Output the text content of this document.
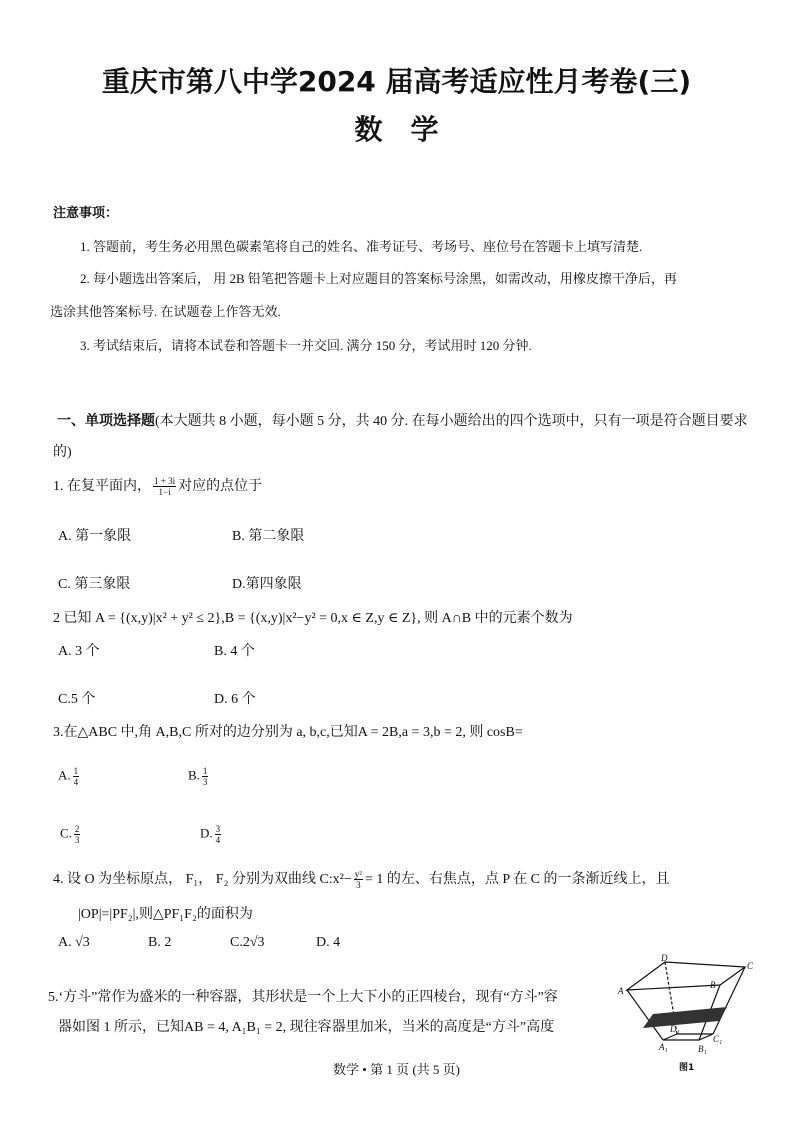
重庆市第八中学2024 届高考适应性月考卷(三)
数　学
注意事项：
1. 答题前，考生务必用黑色碳素笔将自己的姓名、准考证号、考场号、座位号在答题卡上填写清楚.
2. 每小题选出答案后， 用 2B 铅笔把答题卡上对应题目的答案标号涂黑，如需改动，用橡皮擦干净后，再
选涂其他答案标号. 在试题卷上作答无效.
3. 考试结束后，请将本试卷和答题卡一并交回. 满分 150 分，考试用时 120 分钟.
一、单项选择题(本大题共 8 小题，每小题 5 分，共 40 分. 在每小题给出的四个选项中，只有一项是符合题目要求
的)
1. 在复平面内， $\frac{1 + 3i}{1-i}$ 对应的点位于
A. 第一象限	B. 第二象限
C. 第三象限	D.第四象限
2 已知 A = {(x,y)|x² + y² ≤ 2},B = {(x,y)|x²−y² = 0,x ∈ Z,y ∈ Z}, 则 A∩B 中的元素个数为
A. 3 个	B. 4 个
C.5 个	D. 6 个
3.在△ABC 中,角 A,B,C 所对的边分别为 a, b,c,已知A = 2B,a = 3,b = 2, 则 cosB=
A. $\frac{1}{4}$	B. $\frac{1}{3}$
C. $\frac{2}{3}$	D. $\frac{3}{4}$
4. 设 O 为坐标原点， F₁， F₂ 分别为双曲线 C:x²− $\frac{\text{y²}}{3} = 1$ 的左、右焦点，点 P 在 C 的一条渐近线上，且
|OP|=|PF₂|,则△PF₁F₂的面积为
A. √3	B. 2	C.2√3	D. 4
5.‘方斗”常作为盛米的一种容器，其形状是一个上大下小的正四棱台，现有“方斗”容
器如图 1 所示，已知AB = 4, A₁B₁ = 2, 现往容器里加米，当米的高度是“方斗”高度
D
C
A
B
D₁
C₁
A₁	B₁
图1
数学 • 第 1 页 (共 5 页)
